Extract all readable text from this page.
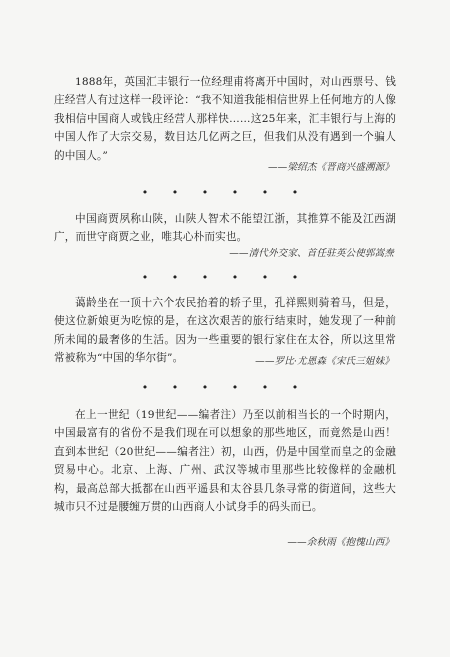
1888年，英国汇丰银行一位经理甫将离开中国时，对山西票号、钱庄经营人有过这样一段评论：“我不知道我能相信世界上任何地方的人像我相信中国商人或钱庄经营人那样快……这25年来，汇丰银行与上海的中国人作了大宗交易，数目达几亿两之巨，但我们从没有遇到一个骗人的中国人。”

——梁绍杰《晋商兴盛溯源》

• • • • • •

中国商贾夙称山陕，山陕人智术不能望江浙，其推算不能及江西湖广，而世守商贾之业，唯其心朴而实也。

——清代外交家、首任驻英公使郭嵩焘

• • • • • •

蔼龄坐在一顶十六个农民抬着的轿子里，孔祥熙则骑着马，但是，使这位新娘更为吃惊的是，在这次艰苦的旅行结束时，她发现了一种前所未闻的最奢侈的生活。因为一些重要的银行家住在太谷，所以这里常常被称为“中国的华尔街”。	——罗比·尤恩森《宋氏三姐妹》

• • • • • •

在上一世纪（19世纪——编者注）乃至以前相当长的一个时期内，中国最富有的省份不是我们现在可以想象的那些地区，而竟然是山西！直到本世纪（20世纪——编者注）初，山西，仍是中国堂而皇之的金融贸易中心。北京、上海、广州、武汉等城市里那些比较像样的金融机构，最高总部大抵都在山西平遥县和太谷县几条寻常的街道间，这些大城市只不过是腰缠万贯的山西商人小试身手的码头而已。

——余秋雨《抱愧山西》
